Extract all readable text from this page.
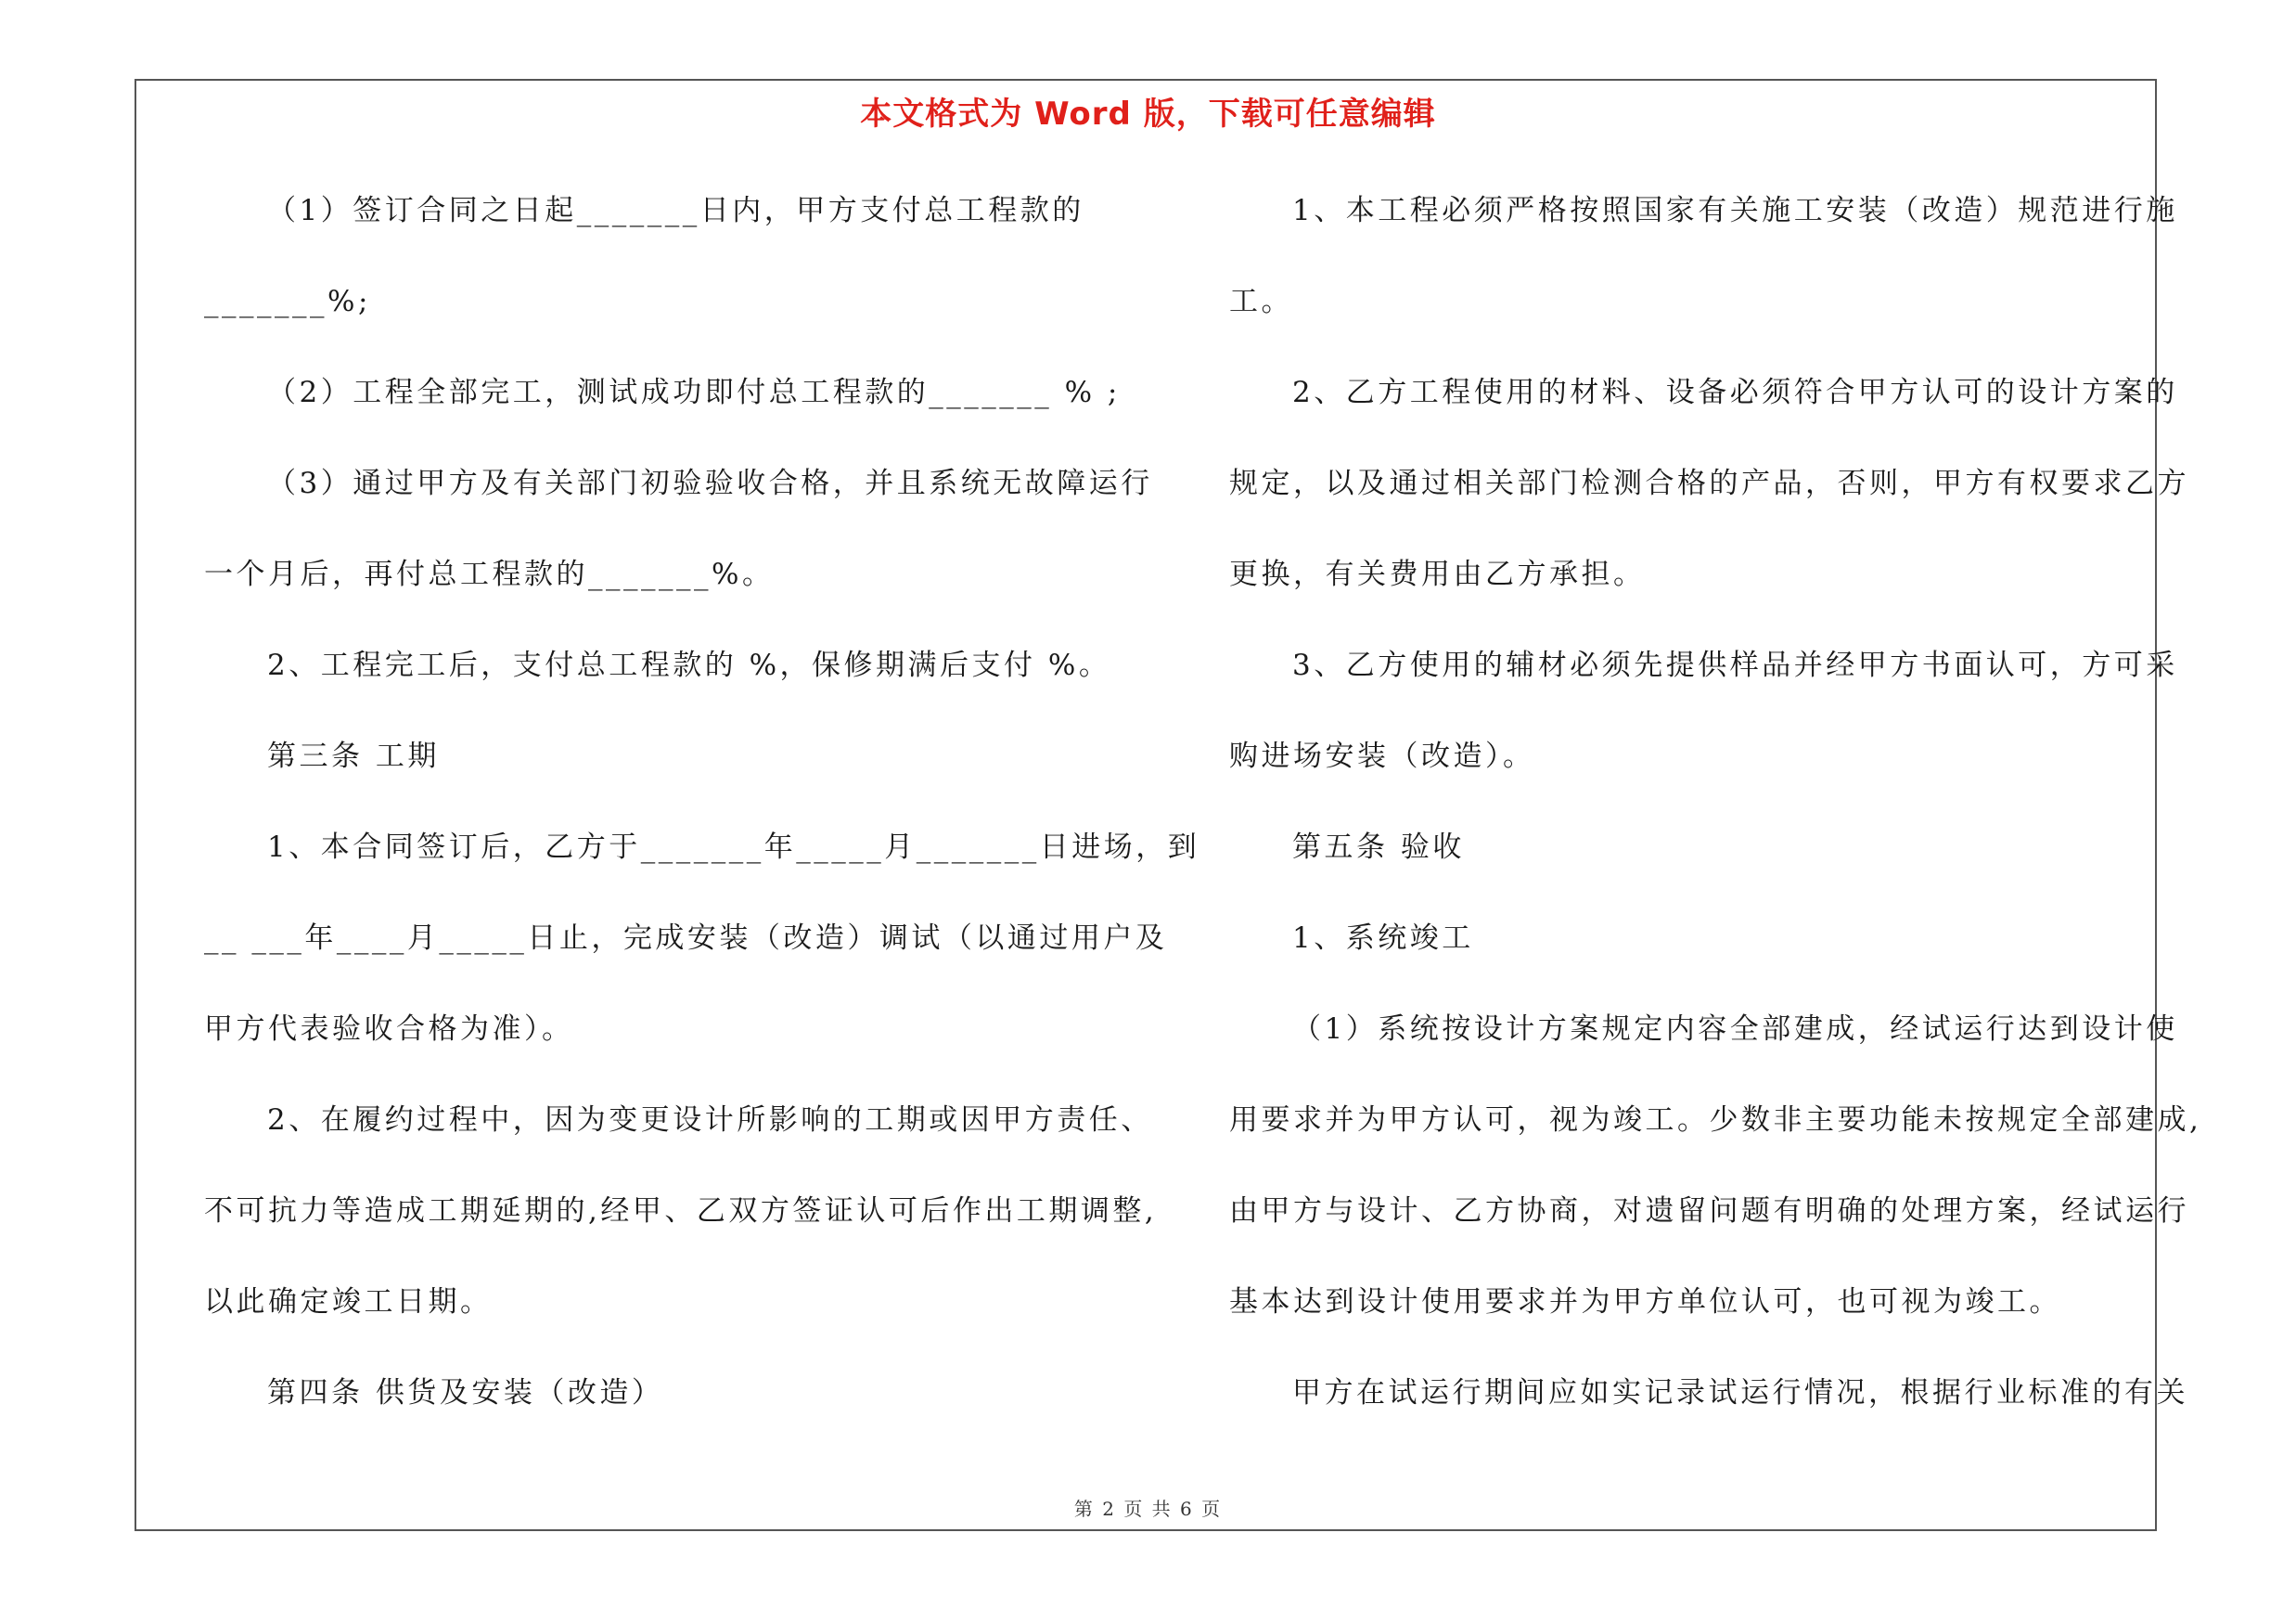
本文格式为 Word 版，下载可任意编辑
（1）签订合同之日起_______日内，甲方支付总工程款的
_______%;
（2）工程全部完工，测试成功即付总工程款的_______ % ;
（3）通过甲方及有关部门初验验收合格，并且系统无故障运行
一个月后，再付总工程款的_______%。
2、工程完工后，支付总工程款的 %，保修期满后支付 %。
第三条 工期
1、本合同签订后，乙方于_______年_____月_______日进场，到
__ ___年____月_____日止，完成安装（改造）调试（以通过用户及
甲方代表验收合格为准）。
2、在履约过程中，因为变更设计所影响的工期或因甲方责任、
不可抗力等造成工期延期的,经甲、乙双方签证认可后作出工期调整,
以此确定竣工日期。
第四条 供货及安装（改造）
1、本工程必须严格按照国家有关施工安装（改造）规范进行施
工。
2、乙方工程使用的材料、设备必须符合甲方认可的设计方案的
规定，以及通过相关部门检测合格的产品，否则，甲方有权要求乙方
更换，有关费用由乙方承担。
3、乙方使用的辅材必须先提供样品并经甲方书面认可，方可采
购进场安装（改造）。
第五条 验收
1、系统竣工
（1）系统按设计方案规定内容全部建成，经试运行达到设计使
用要求并为甲方认可，视为竣工。少数非主要功能未按规定全部建成,
由甲方与设计、乙方协商，对遗留问题有明确的处理方案，经试运行
基本达到设计使用要求并为甲方单位认可，也可视为竣工。
甲方在试运行期间应如实记录试运行情况，根据行业标准的有关
第 2 页 共 6 页
